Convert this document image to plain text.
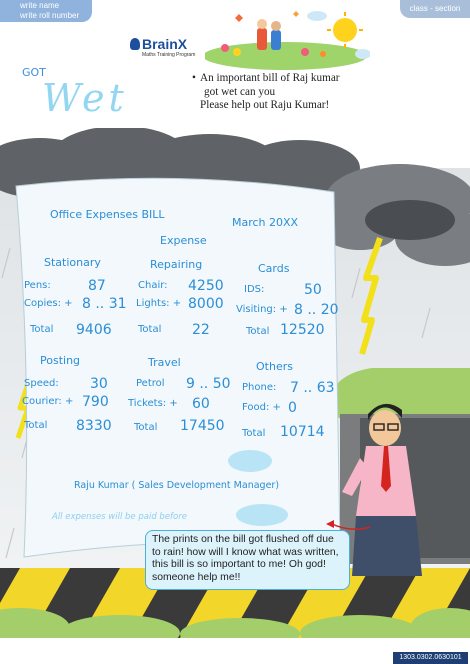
write name
write roll number
class - section
BrainX
Maths Training Program
GOT
Wet	• An important bill of Raj kumar
got wet can you
Please help out Raju Kumar!
Office Expenses BILL
March 20XX
Expense
Stationary
Pens:	87
Copies: + 8 .. 31
Total 9406
Repairing
Chair: 4250
Lights: + 8000
Total 22
Cards
IDS:	50
Visiting: + 8 .. 20
Total 12520
Posting
Speed: 30
Courier: + 790
Total 8330
Travel
Petrol 9 .. 50
Tickets: + 60
Total 17450
Others
Phone: 7 .. 63
Food: + 0
Total 10714
Raju Kumar ( Sales Development Manager)
All expenses will be paid before
The prints on the bill got flushed off due to rain! how will I know what was written, this bill is so important to me! Oh god! someone help me!!
BrainX Math Training Program. Visit LogicRoots.com for more math games and activities
1303.0302.0630101
